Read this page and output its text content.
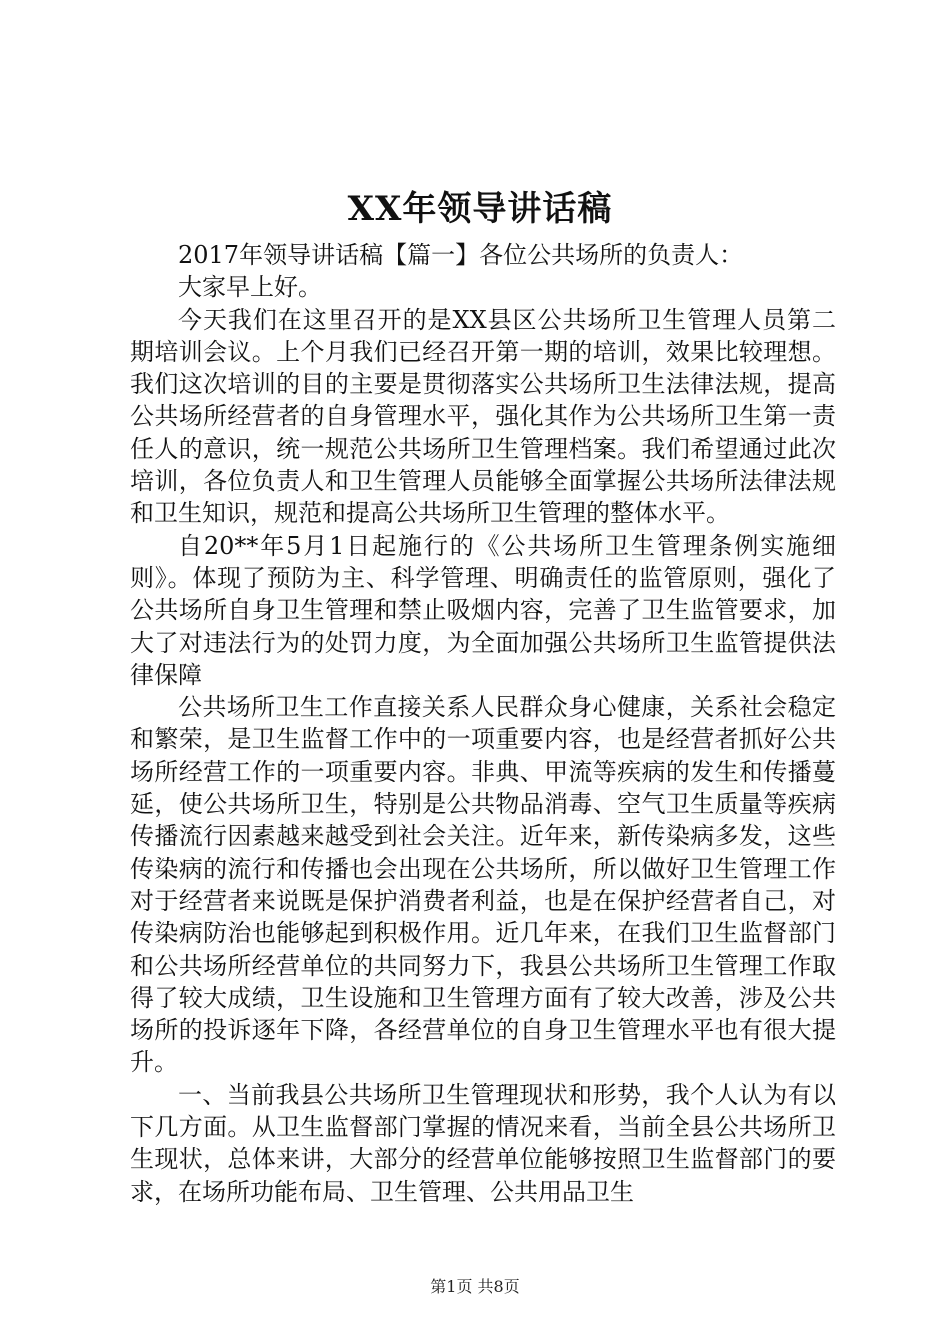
XX年领导讲话稿

2017年领导讲话稿【篇一】各位公共场所的负责人：

大家早上好。

今天我们在这里召开的是XX县区公共场所卫生管理人员第二期培训会议。上个月我们已经召开第一期的培训，效果比较理想。我们这次培训的目的主要是贯彻落实公共场所卫生法律法规，提高公共场所经营者的自身管理水平，强化其作为公共场所卫生第一责任人的意识，统一规范公共场所卫生管理档案。我们希望通过此次培训，各位负责人和卫生管理人员能够全面掌握公共场所法律法规和卫生知识，规范和提高公共场所卫生管理的整体水平。

自20**年5月1日起施行的《公共场所卫生管理条例实施细则》。体现了预防为主、科学管理、明确责任的监管原则，强化了公共场所自身卫生管理和禁止吸烟内容，完善了卫生监管要求，加大了对违法行为的处罚力度，为全面加强公共场所卫生监管提供法律保障

公共场所卫生工作直接关系人民群众身心健康，关系社会稳定和繁荣，是卫生监督工作中的一项重要内容，也是经营者抓好公共场所经营工作的一项重要内容。非典、甲流等疾病的发生和传播蔓延，使公共场所卫生，特别是公共物品消毒、空气卫生质量等疾病传播流行因素越来越受到社会关注。近年来，新传染病多发，这些传染病的流行和传播也会出现在公共场所，所以做好卫生管理工作对于经营者来说既是保护消费者利益，也是在保护经营者自己，对传染病防治也能够起到积极作用。近几年来，在我们卫生监督部门和公共场所经营单位的共同努力下，我县公共场所卫生管理工作取得了较大成绩，卫生设施和卫生管理方面有了较大改善，涉及公共场所的投诉逐年下降，各经营单位的自身卫生管理水平也有很大提升。

一、当前我县公共场所卫生管理现状和形势，我个人认为有以下几方面。从卫生监督部门掌握的情况来看，当前全县公共场所卫生现状，总体来讲，大部分的经营单位能够按照卫生监督部门的要求，在场所功能布局、卫生管理、公共用品卫生

第1页 共8页
